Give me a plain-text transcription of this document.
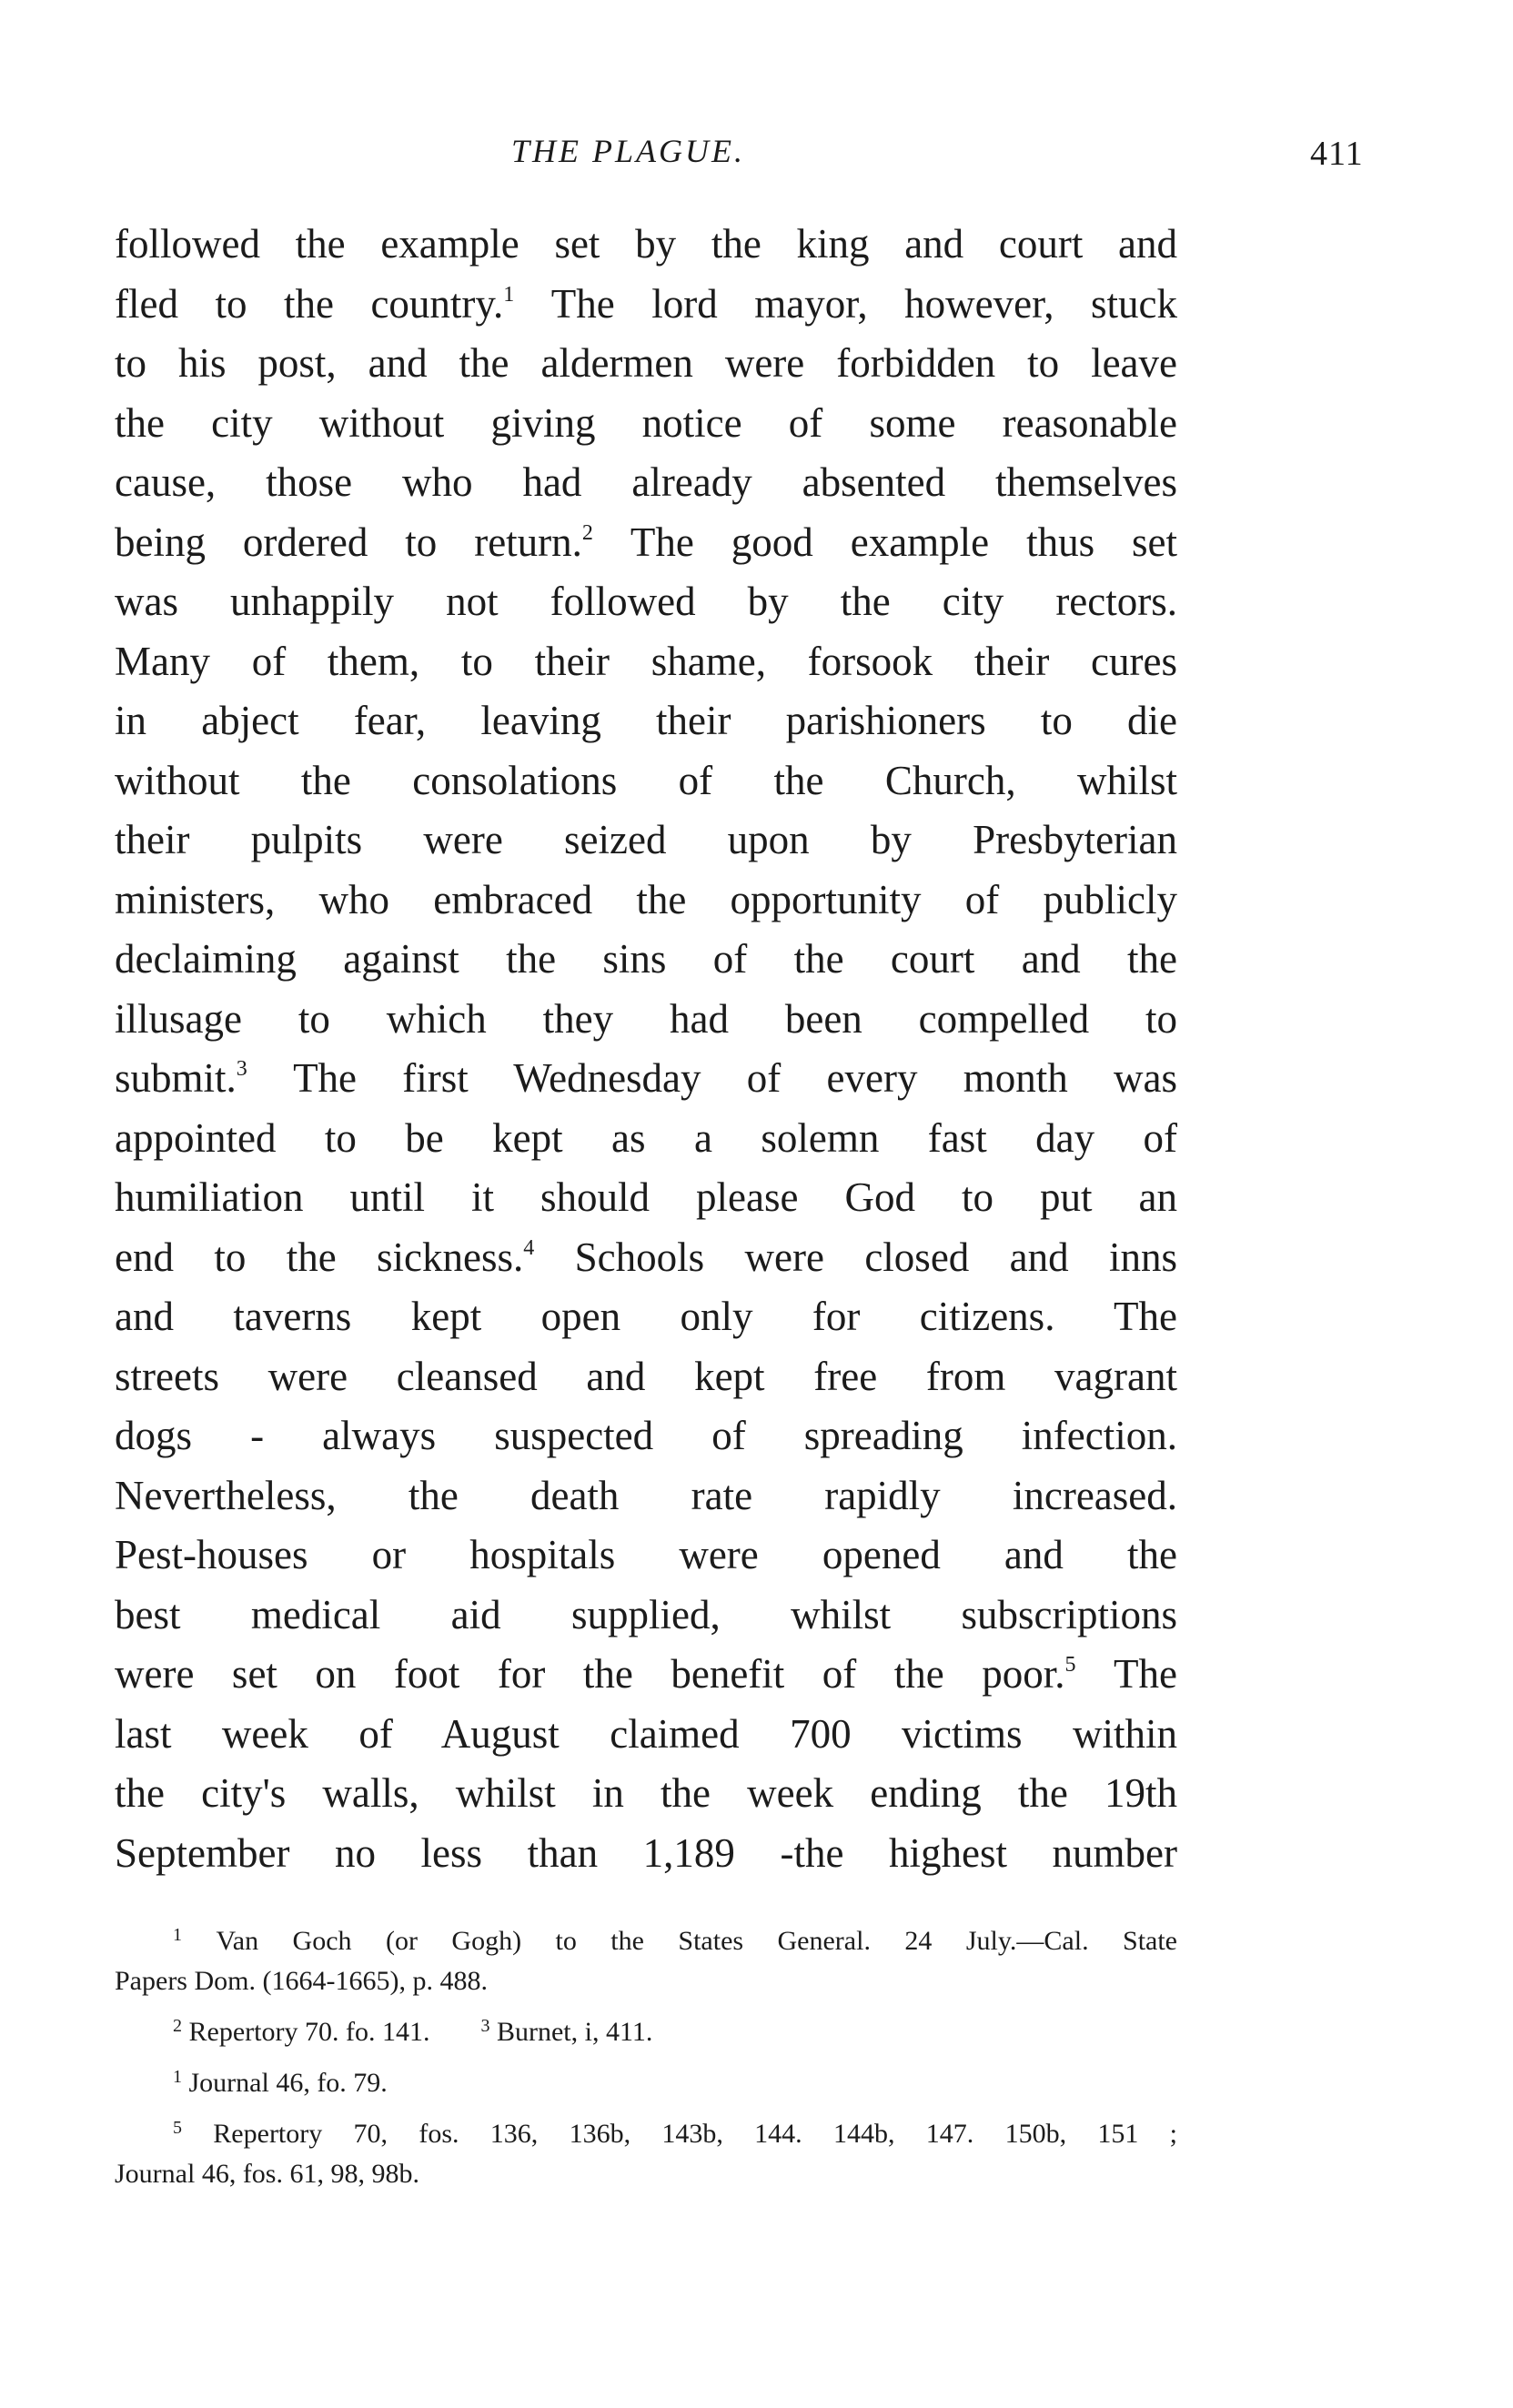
THE PLAGUE.	411
followed the example set by the king and court and
fled to the country.$^1$ The lord mayor, however, stuck
to his post, and the aldermen were forbidden to leave
the city without giving notice of some reasonable
cause, those who had already absented themselves
being ordered to return.$^2$ The good example thus set
was unhappily not followed by the city rectors.
Many of them, to their shame, forsook their cures
in abject fear, leaving their parishioners to die
without the consolations of the Church, whilst
their pulpits were seized upon by Presbyterian
ministers, who embraced the opportunity of publicly
declaiming against the sins of the court and the
illusage to which they had been compelled to
submit.$^3$ The first Wednesday of every month was
appointed to be kept as a solemn fast day of
humiliation until it should please God to put an
end to the sickness.$^4$ Schools were closed and inns
and taverns kept open only for citizens. The
streets were cleansed and kept free from vagrant
dogs - always suspected of spreading infection.
Nevertheless, the death rate rapidly increased.
Pest-houses or hospitals were opened and the
best medical aid supplied, whilst subscriptions
were set on foot for the benefit of the poor.$^5$ The
last week of August claimed 700 victims within
the city's walls, whilst in the week ending the 19th
September no less than 1,189 -the highest number
$^1$ Van Goch (or Gogh) to the States General. 24 July.—Cal. State
Papers Dom. (1664-1665), p. 488.
$^2$ Repertory 70. fo. 141.	$^3$ Burnet, i, 411.
$^1$ Journal 46, fo. 79.
$^5$ Repertory 70, fos. 136, 136b, 143b, 144. 144b, 147. 150b, 151 ;
Journal 46, fos. 61, 98, 98b.
